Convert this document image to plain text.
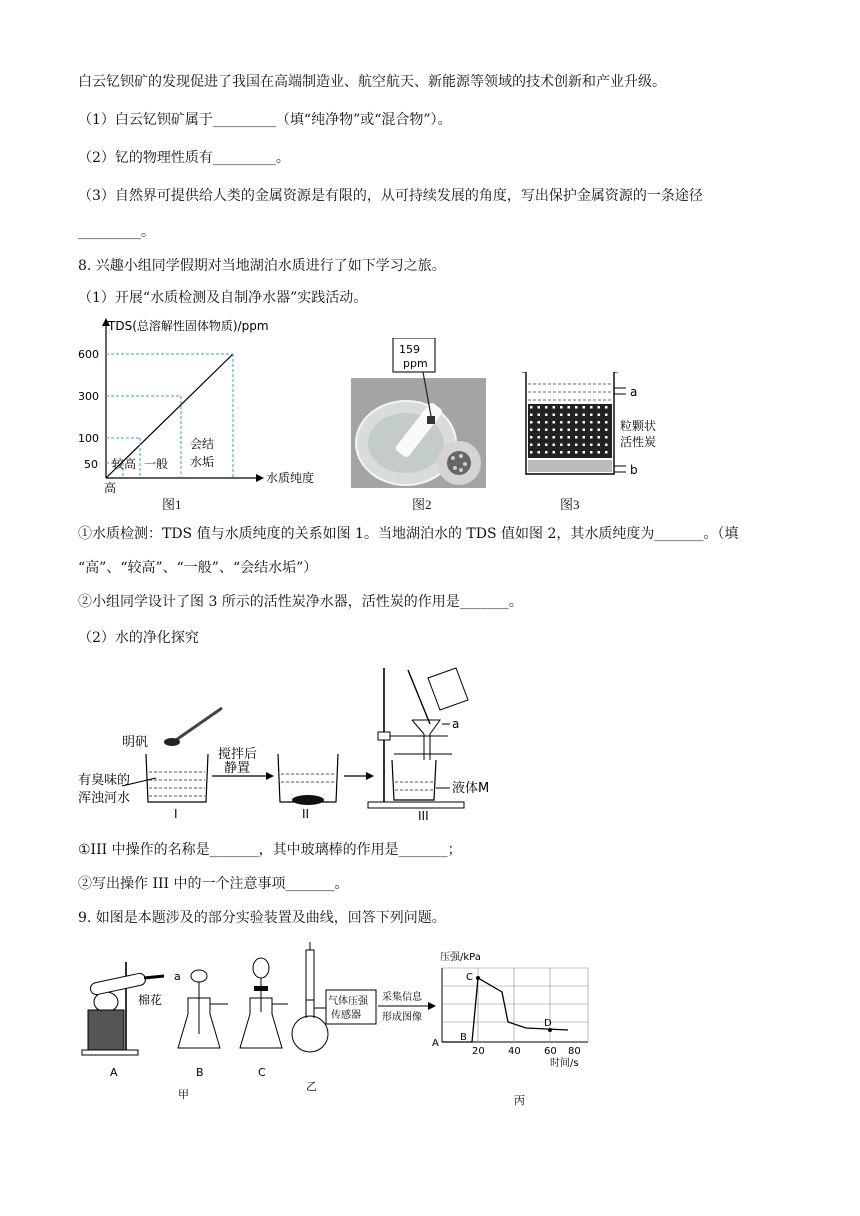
白云钇钡矿的发现促进了我国在高端制造业、航空航天、新能源等领域的技术创新和产业升级。
（1）白云钇钡矿属于_________（填“纯净物”或“混合物”）。
（2）钇的物理性质有_________。
（3）自然界可提供给人类的金属资源是有限的，从可持续发展的角度，写出保护金属资源的一条途径
_________。
8. 兴趣小组同学假期对当地湖泊水质进行了如下学习之旅。
（1）开展“水质检测及自制净水器”实践活动。
TDS(总溶解性固体物质)/ppm
600
300
100
50
高
较高 一般
会结
水垢
水质纯度
图1
159
ppm
图2
a
b
粒颗状
活性炭
图3
①水质检测：TDS 值与水质纯度的关系如图 1。当地湖泊水的 TDS 值如图 2，其水质纯度为_______。（填
“高”、“较高”、“一般”、“会结水垢”）
②小组同学设计了图 3 所示的活性炭净水器，活性炭的作用是_______。
（2）水的净化探究
明矾
有臭味的
浑浊河水
I
搅拌后
静置
II
a
液体M
III
①III 中操作的名称是_______，其中玻璃棒的作用是_______；
②写出操作 III 中的一个注意事项_______。
9. 如图是本题涉及的部分实验装置及曲线，回答下列问题。
棉花
A
a
B	C
气体压强
传感器
采集信息
形成图像
甲
乙
丙
压强/kPa
A
B
C
D
20 40 60 80
时间/s
